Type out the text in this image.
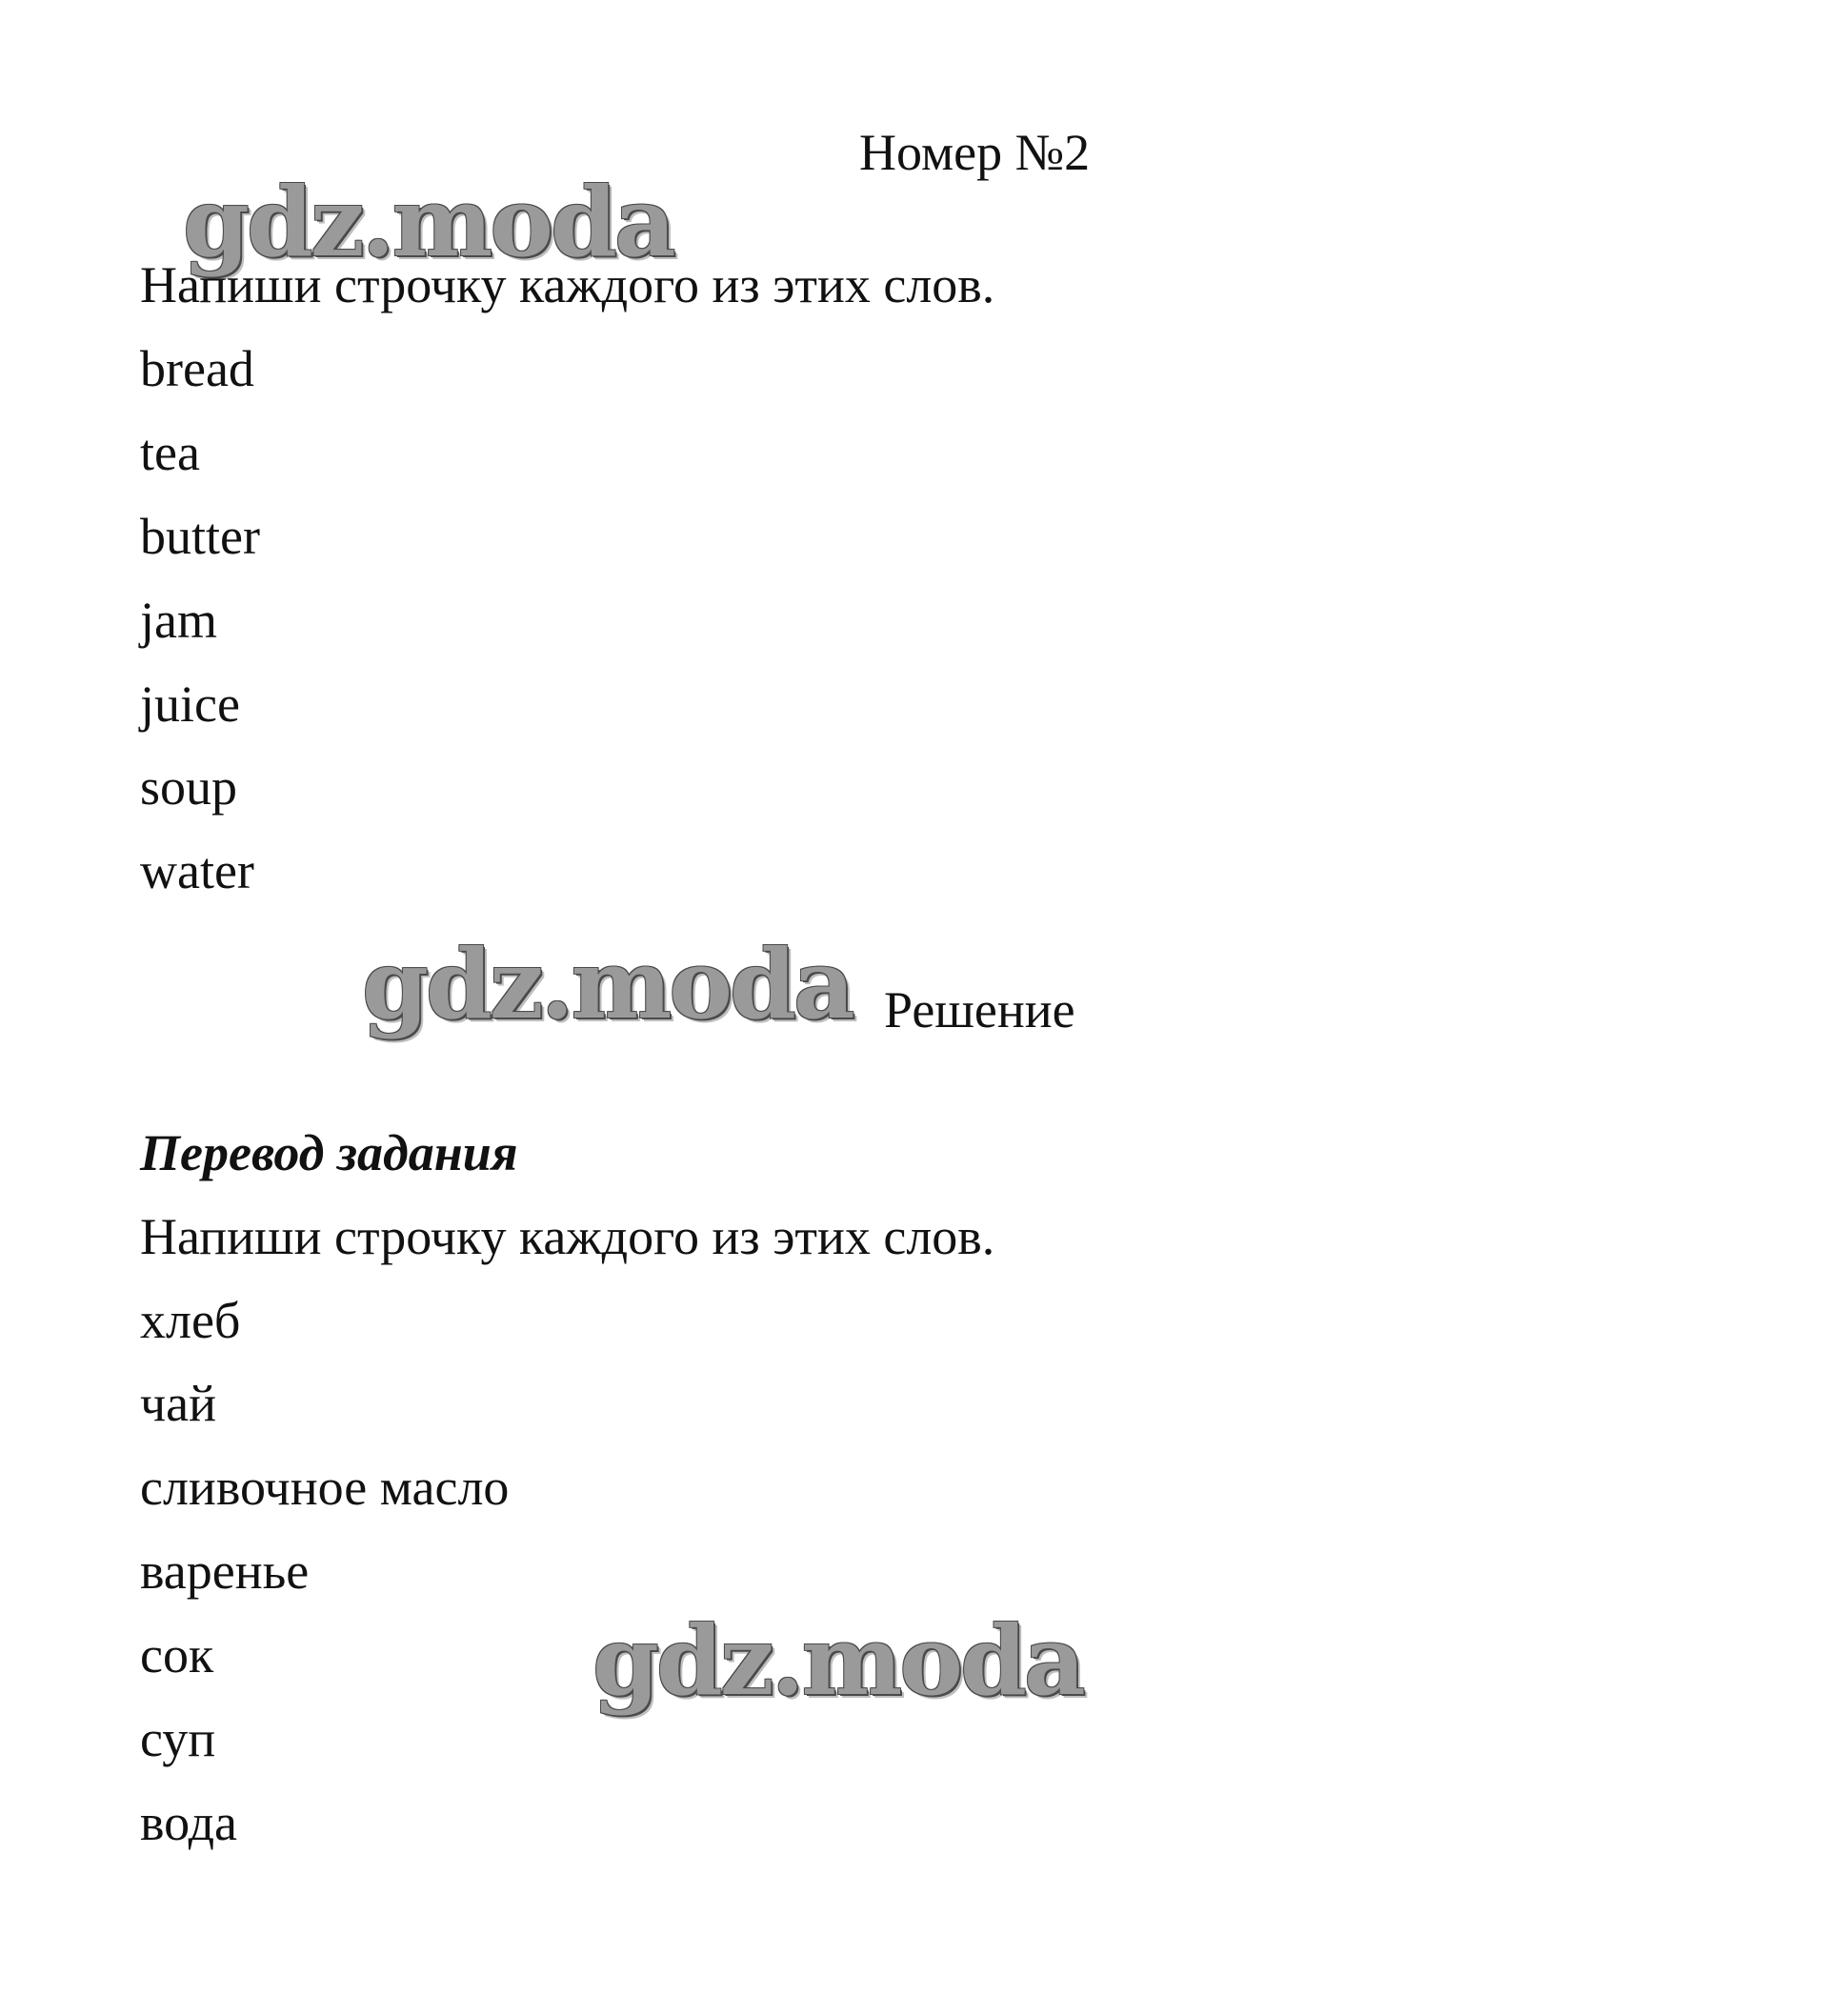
Номер №2
gdz.moda
Напиши строчку каждого из этих слов.
bread
tea
butter
jam
juice
soup
water
gdz.moda Решение
Перевод задания
Напиши строчку каждого из этих слов.
хлеб
чай
сливочное масло
варенье
сок
суп
вода
gdz.moda
